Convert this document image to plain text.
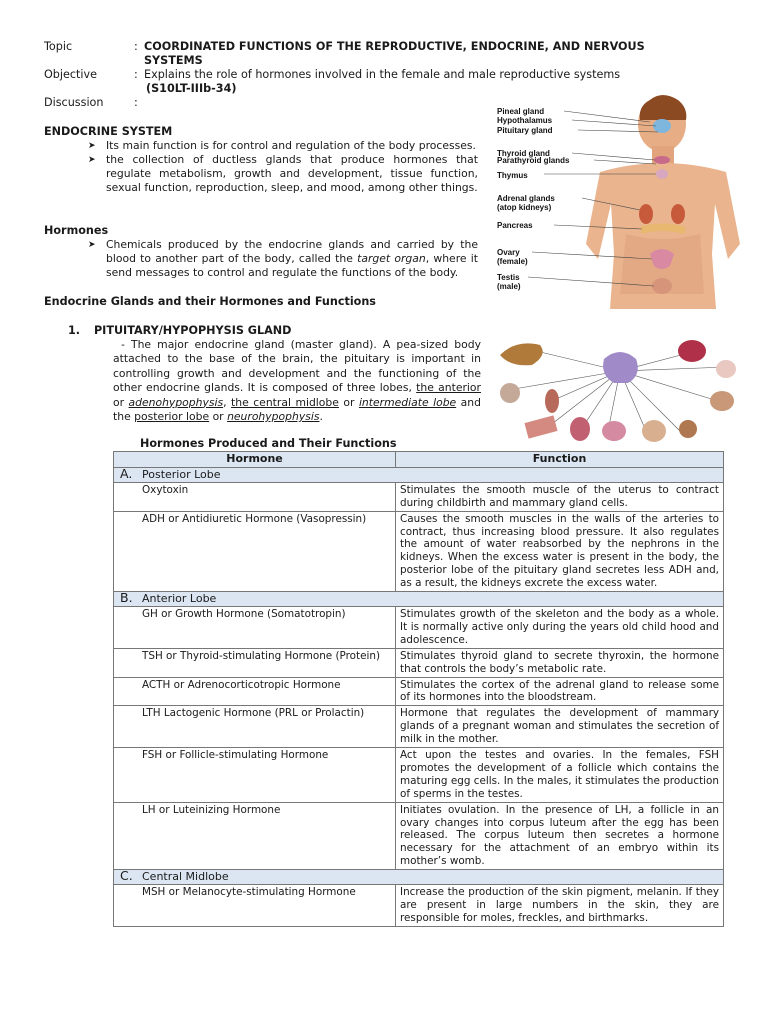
Topic	: COORDINATED FUNCTIONS OF THE REPRODUCTIVE, ENDOCRINE, AND NERVOUS SYSTEMS
Objective	: Explains the role of hormones involved in the female and male reproductive systems
(S10LT-IIIb-34)
Discussion	:
ENDOCRINE SYSTEM
➤ Its main function is for control and regulation of the body processes.
➤ the collection of ductless glands that produce hormones that regulate metabolism, growth and development, tissue function, sexual function, reproduction, sleep, and mood, among other things.
Hormones
➤ Chemicals produced by the endocrine glands and carried by the blood to another part of the body, called the target organ, where it send messages to control and regulate the functions of the body.
Endocrine Glands and their Hormones and Functions
1. PITUITARY/HYPOPHYSIS GLAND
- The major endocrine gland (master gland). A pea-sized body attached to the base of the brain, the pituitary is important in controlling growth and development and the functioning of the other endocrine glands. It is composed of three lobes, the anterior or adenohypophysis, the central midlobe or intermediate lobe and the posterior lobe or neurohypophysis.
Pineal gland
Hypothalamus
Pituitary gland
Thyroid gland
Parathyroid glands
Thymus
Adrenal glands
(atop kidneys)
Pancreas
Ovary
(female)
Testis
(male)
Hormones Produced and Their Functions
Hormone	Function
A. Posterior Lobe	
Oxytoxin	Stimulates the smooth muscle of the uterus to contract during childbirth and mammary gland cells.
ADH or Antidiuretic Hormone (Vasopressin)	Causes the smooth muscles in the walls of the arteries to contract, thus increasing blood pressure. It also regulates the amount of water reabsorbed by the nephrons in the kidneys. When the excess water is present in the body, the posterior lobe of the pituitary gland secretes less ADH and, as a result, the kidneys excrete the excess water.
B. Anterior Lobe	
GH or Growth Hormone (Somatotropin)	Stimulates growth of the skeleton and the body as a whole. It is normally active only during the years old child hood and adolescence.
TSH or Thyroid-stimulating Hormone (Protein)	Stimulates thyroid gland to secrete thyroxin, the hormone that controls the body’s metabolic rate.
ACTH or Adrenocorticotropic Hormone	Stimulates the cortex of the adrenal gland to release some of its hormones into the bloodstream.
LTH Lactogenic Hormone (PRL or Prolactin)	Hormone that regulates the development of mammary glands of a pregnant woman and stimulates the secretion of milk in the mother.
FSH or Follicle-stimulating Hormone	Act upon the testes and ovaries. In the females, FSH promotes the development of a follicle which contains the maturing egg cells. In the males, it stimulates the production of sperms in the testes.
LH or Luteinizing Hormone	Initiates ovulation. In the presence of LH, a follicle in an ovary changes into corpus luteum after the egg has been released. The corpus luteum then secretes a hormone necessary for the attachment of an embryo within its mother’s womb.
C. Central Midlobe	
MSH or Melanocyte-stimulating Hormone	Increase the production of the skin pigment, melanin. If they are present in large numbers in the skin, they are responsible for moles, freckles, and birthmarks.
